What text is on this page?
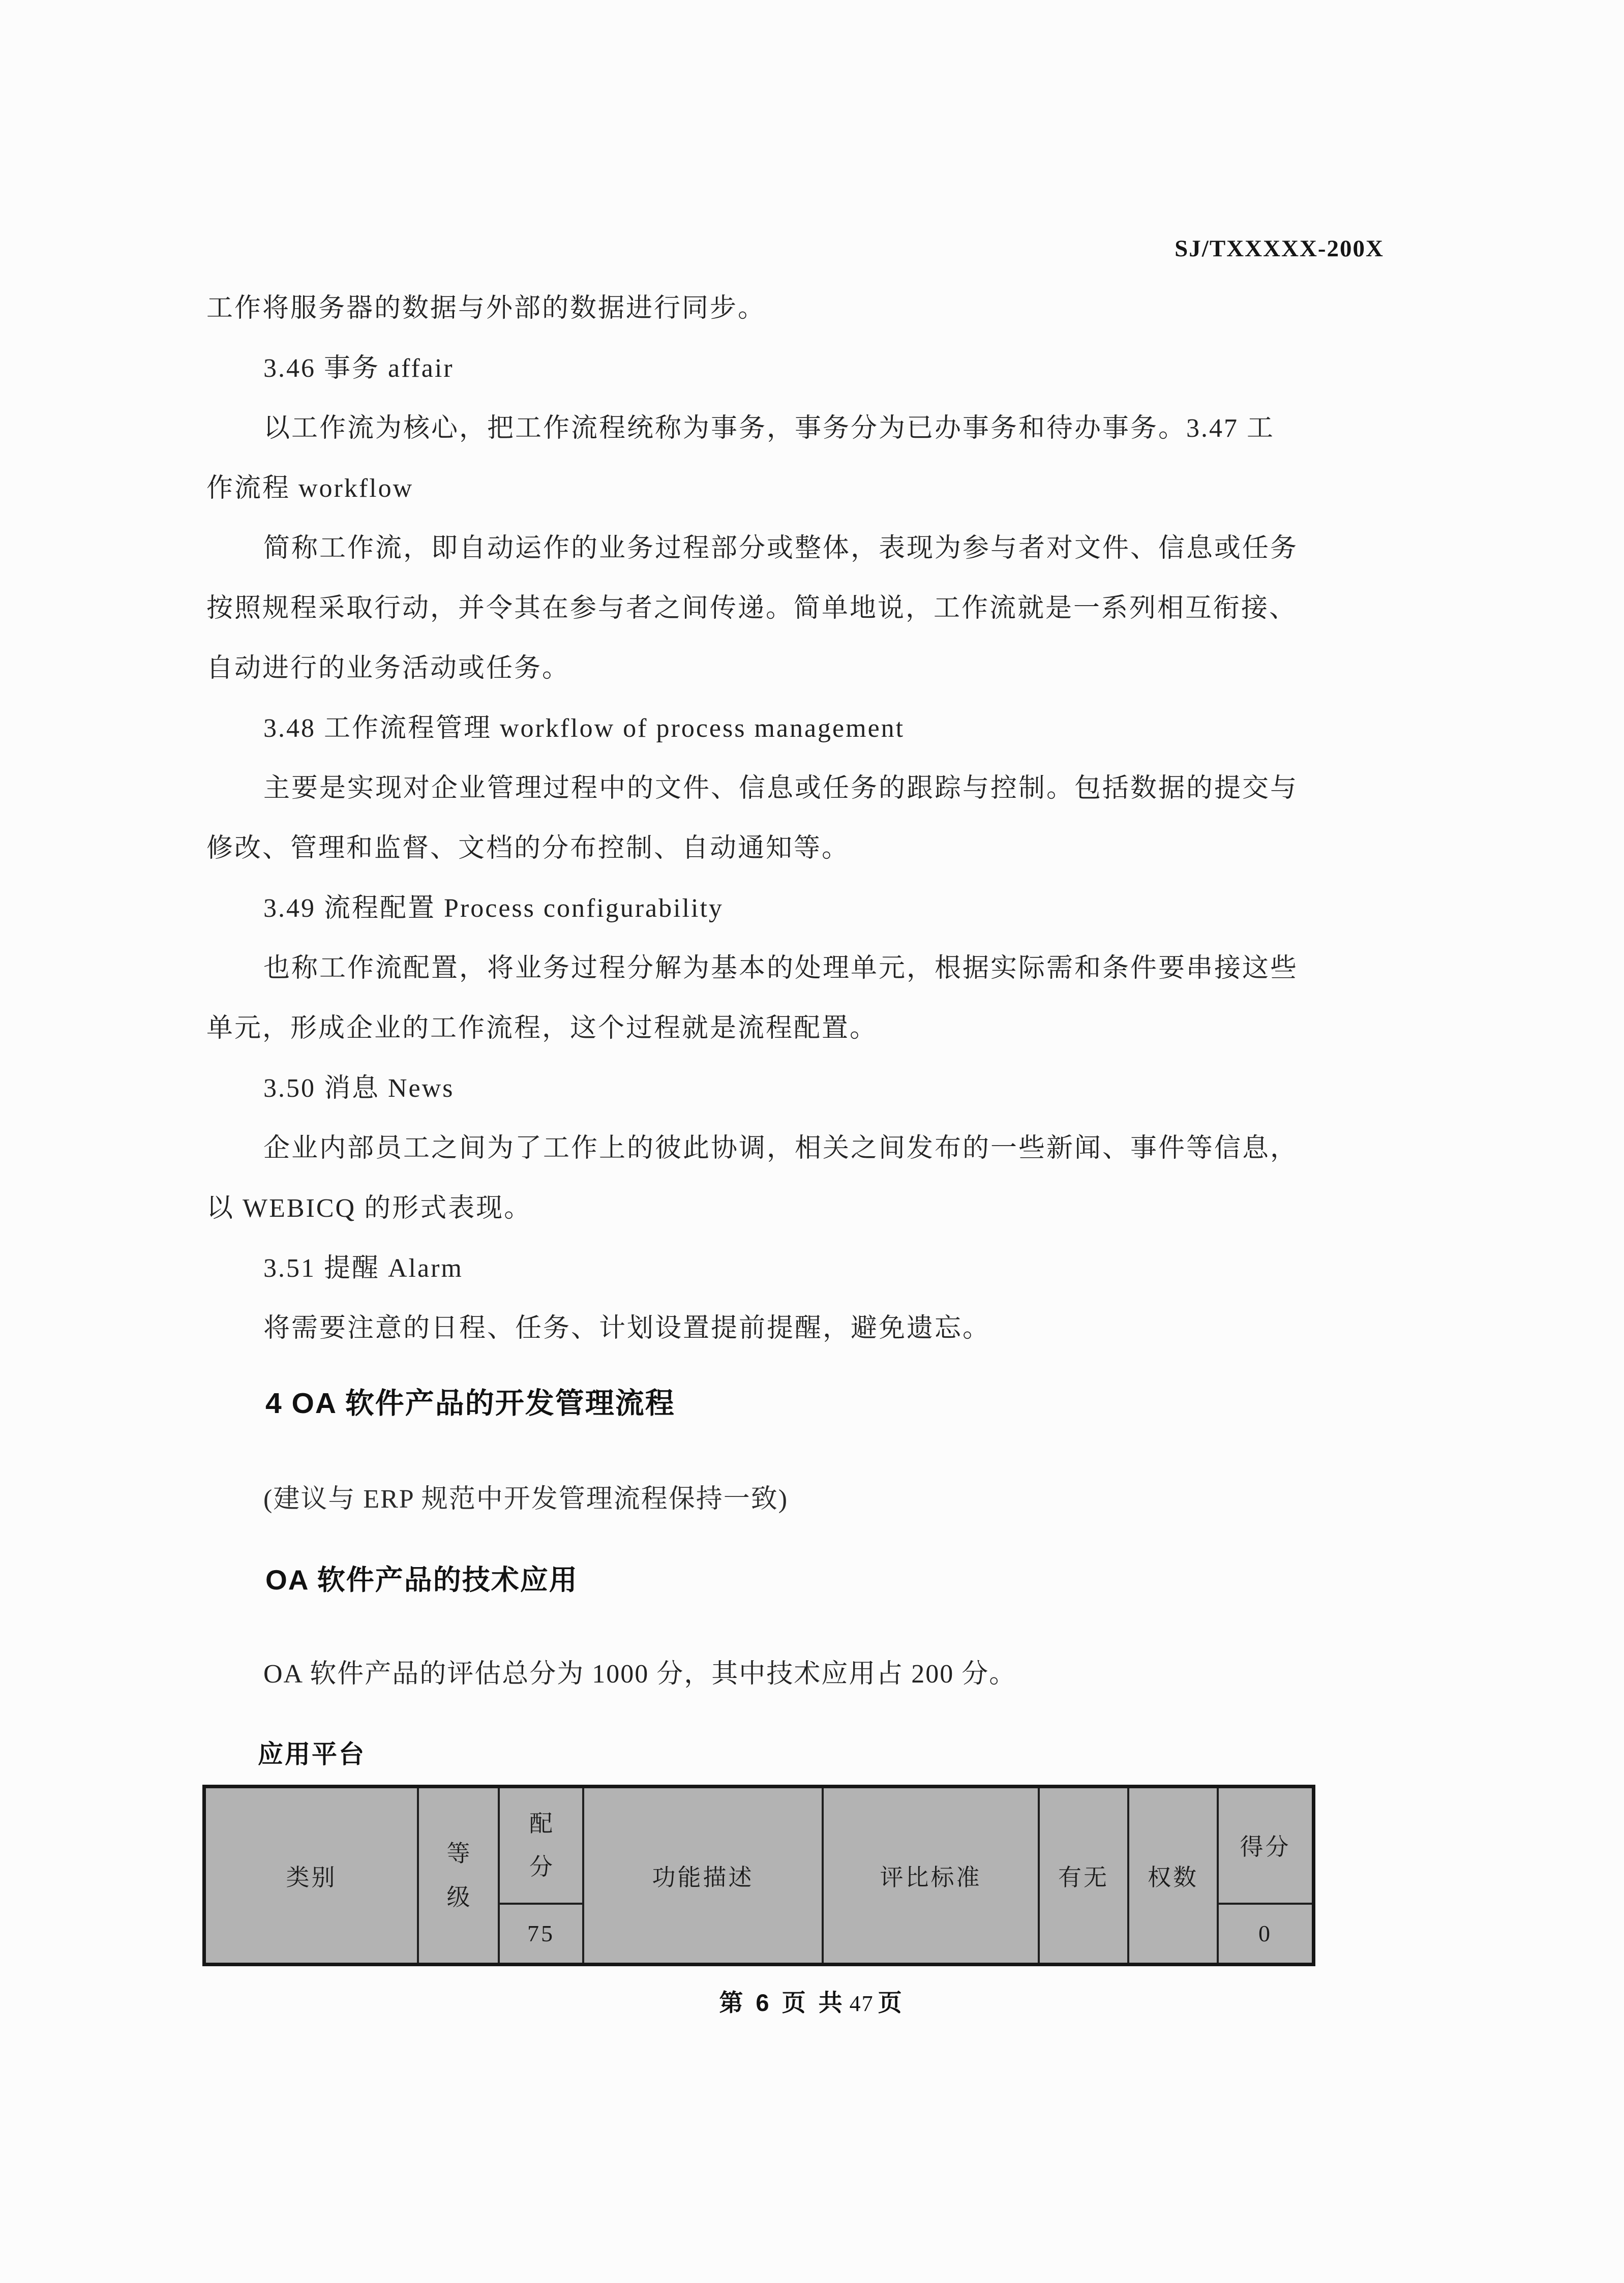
SJ/TXXXXX-200X

工作将服务器的数据与外部的数据进行同步。

3.46 事务 affair

以工作流为核心，把工作流程统称为事务，事务分为已办事务和待办事务。3.47 工

作流程 workflow

简称工作流，即自动运作的业务过程部分或整体，表现为参与者对文件、信息或任务

按照规程采取行动，并令其在参与者之间传递。简单地说，工作流就是一系列相互衔接、

自动进行的业务活动或任务。

3.48 工作流程管理 workflow of process management

主要是实现对企业管理过程中的文件、信息或任务的跟踪与控制。包括数据的提交与

修改、管理和监督、文档的分布控制、自动通知等。

3.49 流程配置 Process configurability

也称工作流配置，将业务过程分解为基本的处理单元，根据实际需和条件要串接这些

单元，形成企业的工作流程，这个过程就是流程配置。

3.50 消息 News

企业内部员工之间为了工作上的彼此协调，相关之间发布的一些新闻、事件等信息，

以 WEBICQ 的形式表现。

3.51 提醒 Alarm

将需要注意的日程、任务、计划设置提前提醒，避免遗忘。

4 OA 软件产品的开发管理流程

(建议与 ERP 规范中开发管理流程保持一致)

OA 软件产品的技术应用

OA 软件产品的评估总分为 1000 分，其中技术应用占 200 分。

应用平台
类别	等级	配分	功能描述	评比标准	有无	权数	得分
		75					0
第 6 页 共 47 页
